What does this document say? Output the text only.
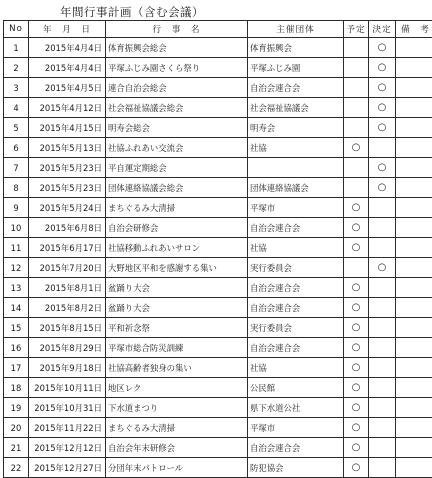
年間行事計画（含む会議）
No	年　月　日	行　事　名	主催団体	予定	決定	備　考
1	2015年4月4日	体育振興会総会	体育振興会		○	
2	2015年4月4日	平塚ふじみ園さくら祭り	平塚ふじみ園		○	
3	2015年4月5日	連合自治会総会	自治会連合会		○	
4	2015年4月12日	社会福祉協議会総会	社会福祉協議会		○	
5	2015年4月15日	明寿会総会	明寿会		○	
6	2015年5月13日	社協ふれあい交流会	社協	○		
7	2015年5月23日	平自運定期総会			○	
8	2015年5月23日	団体連絡協議会総会	団体連絡協議会		○	
9	2015年5月24日	まちぐるみ大清掃	平塚市	○		
10	2015年6月8日	自治会研修会	自治会連合会	○		
11	2015年6月17日	社協移動ふれあいサロン	社協	○		
12	2015年7月20日	大野地区平和を感謝する集い	実行委員会		○	
13	2015年8月1日	盆踊り大会	自治会連合会	○		
14	2015年8月2日	盆踊り大会	自治会連合会	○		
15	2015年8月15日	平和祈念祭	実行委員会	○		
16	2015年8月29日	平塚市総合防災訓練	自治会連合会	○		
17	2015年9月18日	社協高齢者独身の集い	社協	○		
18	2015年10月11日	地区レク	公民館	○		
19	2015年10月31日	下水道まつり	県下水道公社	○		
20	2015年11月22日	まちぐるみ大清掃	平塚市	○		
21	2015年12月12日	自治会年末研修会	自治会連合会	○		
22	2015年12月27日	分団年末パトロール	防犯協会	○		
